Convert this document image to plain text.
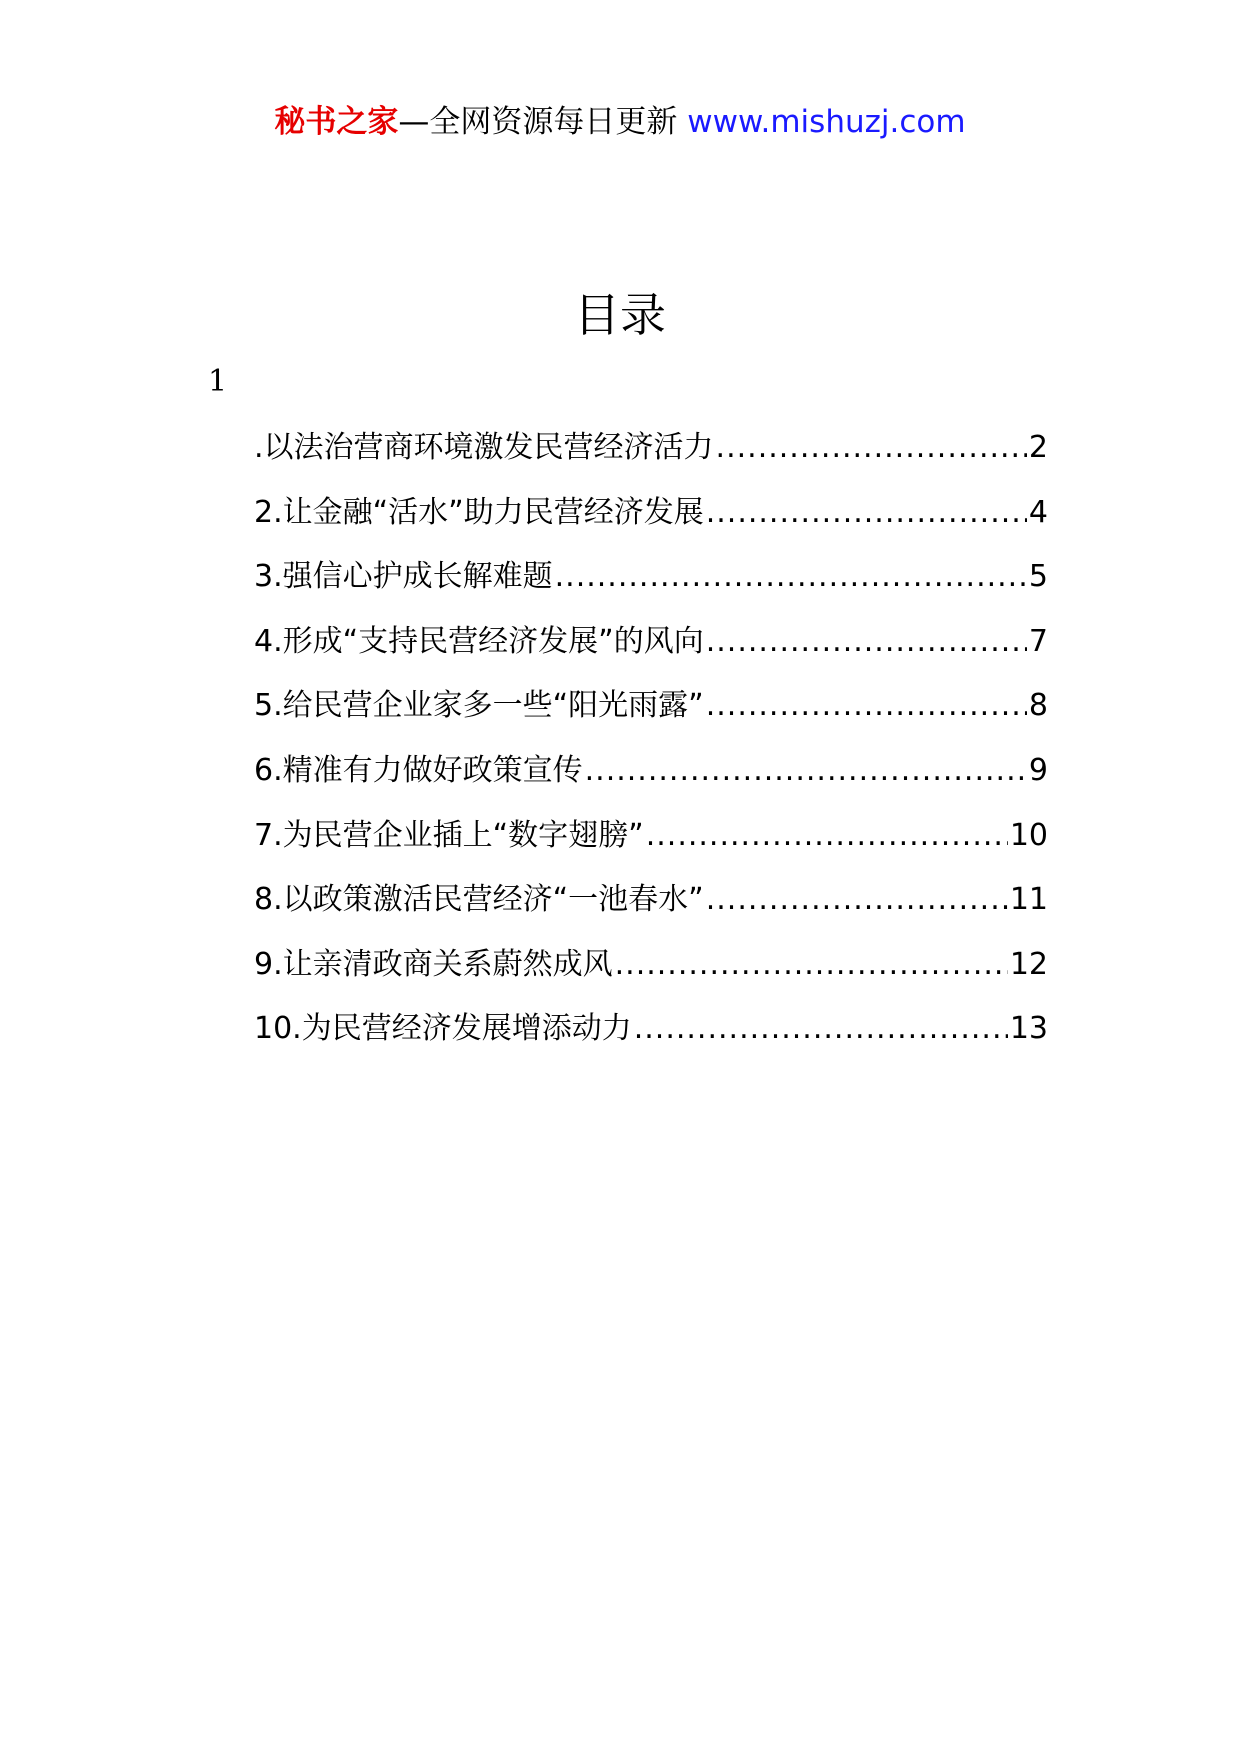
秘书之家—全网资源每日更新 www.mishuzj.com
目录
1
.以法治营商环境激发民营经济活力 .....	2
2.让金融“活水”助力民营经济发展 .....	4
3.强信心护成长解难题 .....	5
4.形成“支持民营经济发展”的风向 .....	7
5.给民营企业家多一些“阳光雨露” .....	8
6.精准有力做好政策宣传 .....	9
7.为民营企业插上“数字翅膀” .....	10
8.以政策激活民营经济“一池春水” .....	11
9.让亲清政商关系蔚然成风 .....	12
10.为民营经济发展增添动力 .....	13
